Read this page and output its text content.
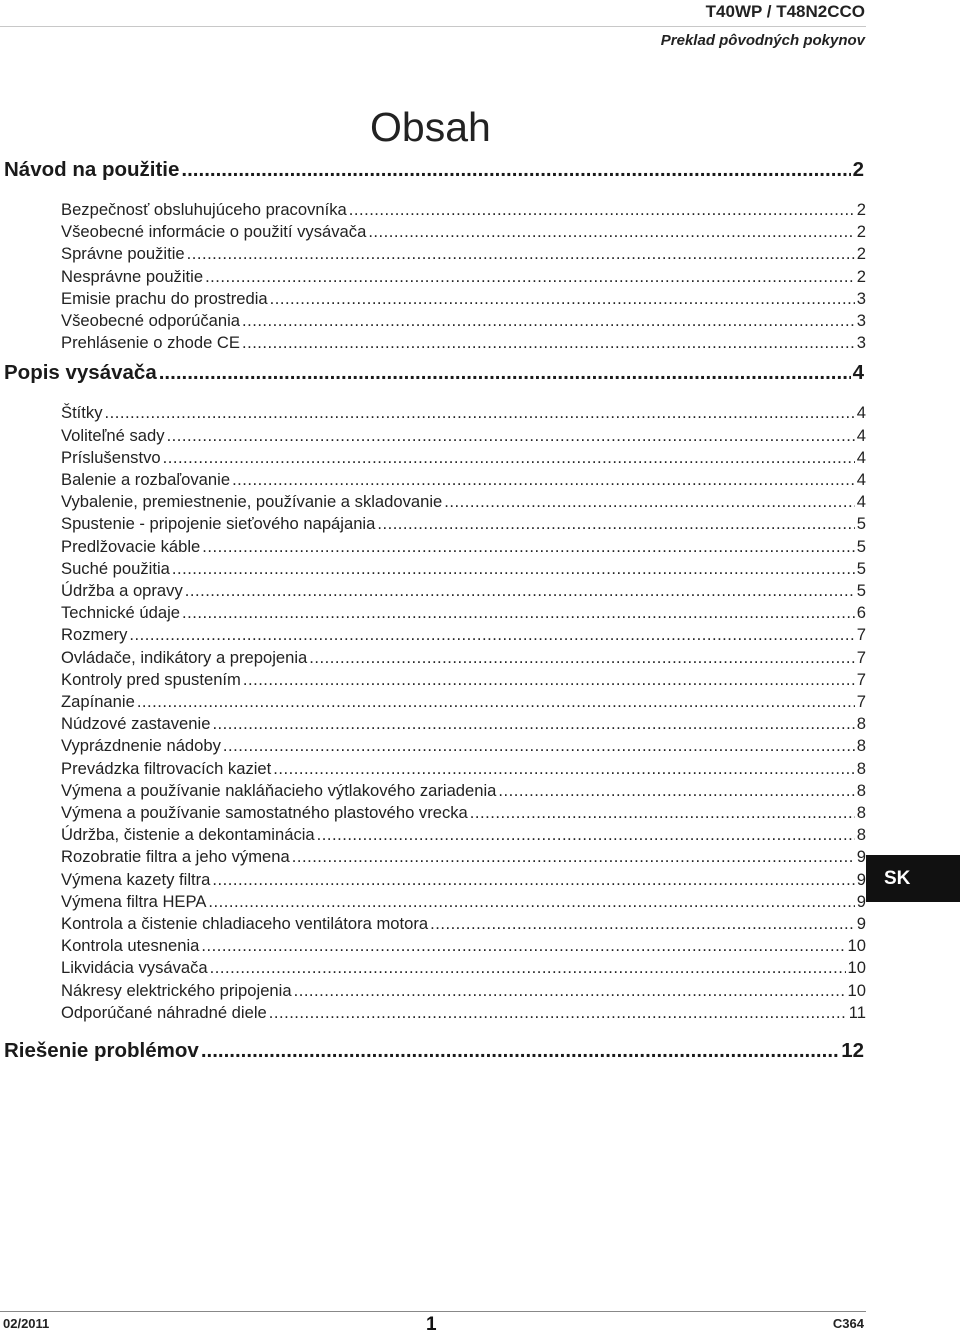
T40WP / T48N2CCO
Preklad pôvodných pokynov
Obsah
Návod na použitie .....	2
Bezpečnosť obsluhujúceho pracovníka .....	2
Všeobecné informácie o použití vysávača .....	2
Správne použitie .....	2
Nesprávne použitie .....	2
Emisie prachu do prostredia .....	3
Všeobecné odporúčania .....	3
Prehlásenie o zhode CE .....	3
Popis vysávača .....	4
Štítky .....	4
Voliteľné sady .....	4
Príslušenstvo .....	4
Balenie a rozbaľovanie .....	4
Vybalenie, premiestnenie, používanie a skladovanie .....	4
Spustenie - pripojenie sieťového napájania .....	5
Predlžovacie káble .....	5
Suché použitia .....	5
Údržba a opravy .....	5
Technické údaje .....	6
Rozmery .....	7
Ovládače, indikátory a prepojenia .....	7
Kontroly pred spustením .....	7
Zapínanie .....	7
Núdzové zastavenie .....	8
Vyprázdnenie nádoby .....	8
Prevádzka filtrovacích kaziet .....	8
Výmena a používanie nakláňacieho výtlakového zariadenia .....	8
Výmena a používanie samostatného plastového vrecka .....	8
Údržba, čistenie a dekontaminácia .....	8
Rozobratie filtra a jeho výmena .....	9
Výmena kazety filtra .....	9
Výmena filtra HEPA .....	9
Kontrola a čistenie chladiaceho ventilátora motora .....	9
Kontrola utesnenia .....	10
Likvidácia vysávača .....	10
Nákresy elektrického pripojenia .....	10
Odporúčané náhradné diele .....	11
Riešenie problémov .....	12
SK
02/2011	1	C364
